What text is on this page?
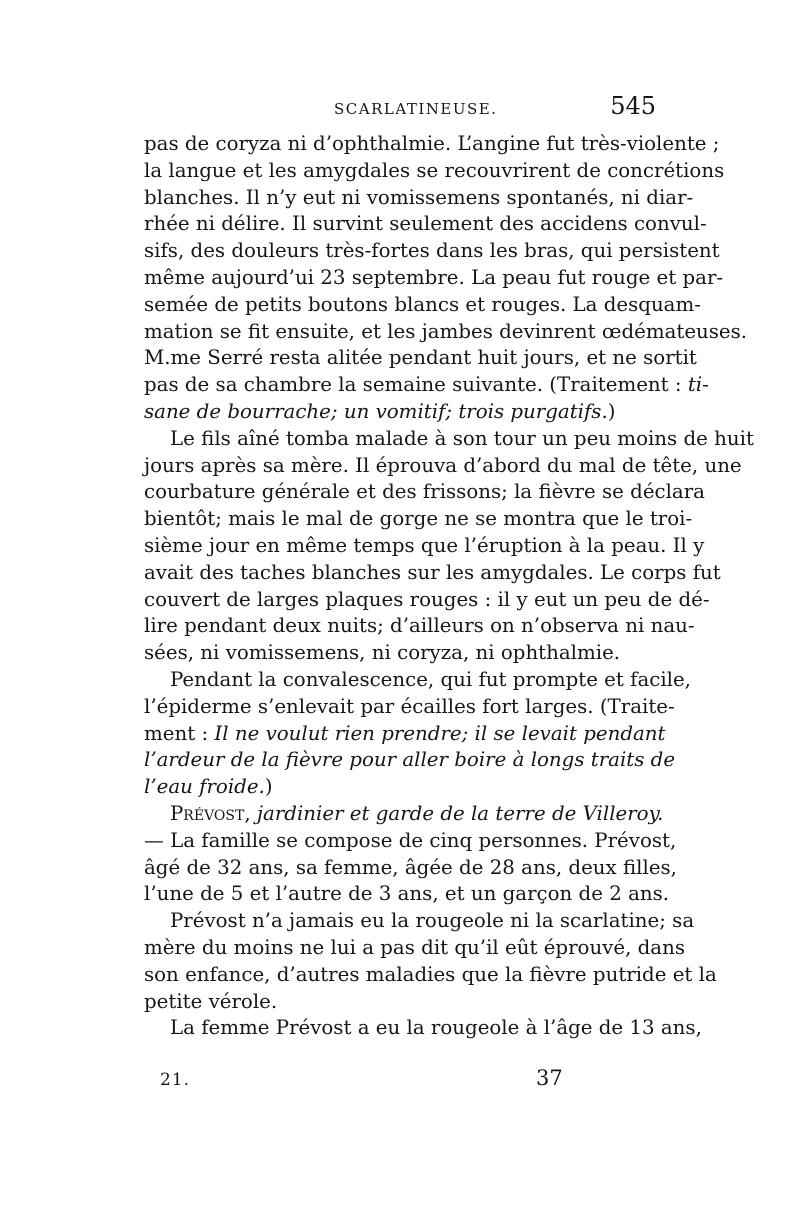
SCARLATINEUSE.	545
pas de coryza ni d’ophthalmie. L’angine fut très-violente ;
la langue et les amygdales se recouvrirent de concrétions
blanches. Il n’y eut ni vomissemens spontanés, ni diar-
rhée ni délire. Il survint seulement des accidens convul-
sifs, des douleurs très-fortes dans les bras, qui persistent
même aujourd’ui 23 septembre. La peau fut rouge et par-
semée de petits boutons blancs et rouges. La desquam-
mation se fit ensuite, et les jambes devinrent œdémateuses.
M.me Serré resta alitée pendant huit jours, et ne sortit
pas de sa chambre la semaine suivante. (Traitement : ti-
sane de bourrache; un vomitif; trois purgatifs.)
Le fils aîné tomba malade à son tour un peu moins de huit
jours après sa mère. Il éprouva d’abord du mal de tête, une
courbature générale et des frissons; la fièvre se déclara
bientôt; mais le mal de gorge ne se montra que le troi-
sième jour en même temps que l’éruption à la peau. Il y
avait des taches blanches sur les amygdales. Le corps fut
couvert de larges plaques rouges : il y eut un peu de dé-
lire pendant deux nuits; d’ailleurs on n’observa ni nau-
sées, ni vomissemens, ni coryza, ni ophthalmie.
Pendant la convalescence, qui fut prompte et facile,
l’épiderme s’enlevait par écailles fort larges. (Traite-
ment : Il ne voulut rien prendre; il se levait pendant
l’ardeur de la fièvre pour aller boire à longs traits de
l’eau froide.)
Prévost, jardinier et garde de la terre de Villeroy.
— La famille se compose de cinq personnes. Prévost,
âgé de 32 ans, sa femme, âgée de 28 ans, deux filles,
l’une de 5 et l’autre de 3 ans, et un garçon de 2 ans.
Prévost n’a jamais eu la rougeole ni la scarlatine; sa
mère du moins ne lui a pas dit qu’il eût éprouvé, dans
son enfance, d’autres maladies que la fièvre putride et la
petite vérole.
La femme Prévost a eu la rougeole à l’âge de 13 ans,
21.	37
